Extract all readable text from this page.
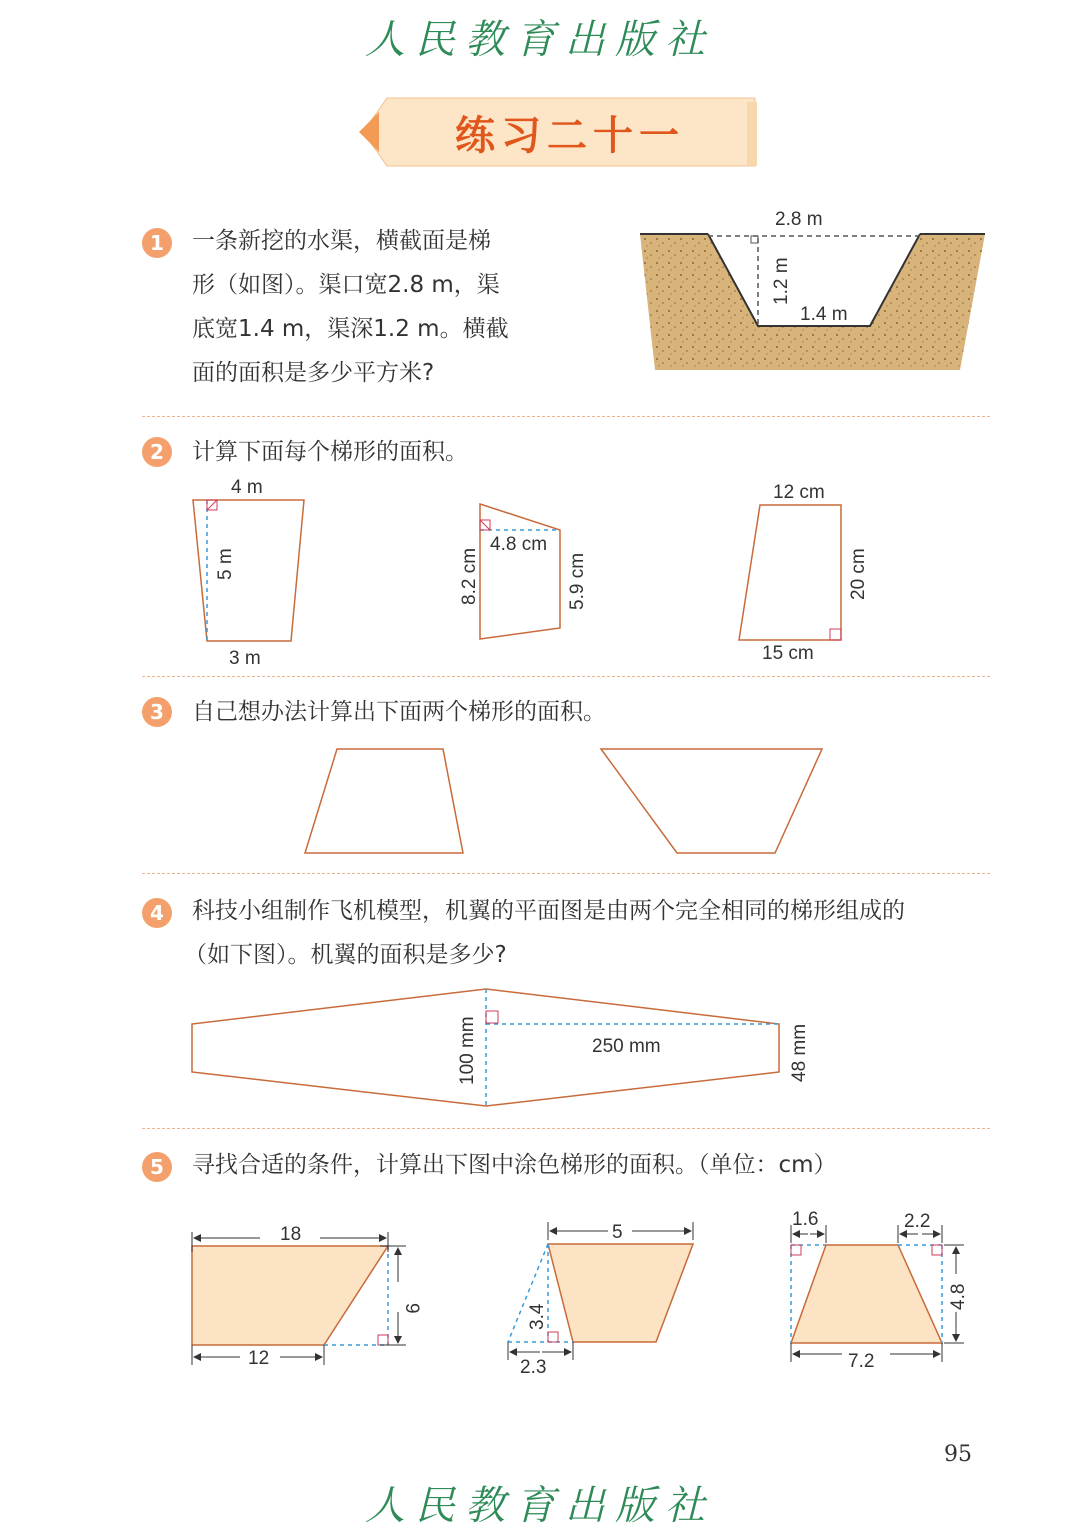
人民教育出版社
练习二十一
1	一条新挖的水渠，横截面是梯
形（如图）。渠口宽2.8 m，渠
底宽1.4 m，渠深1.2 m。横截
面的面积是多少平方米?
2.8 m
1.2 m
1.4 m
2	计算下面每个梯形的面积。
4 m
5 m
3 m
4.8 cm
8.2 cm	5.9 cm
12 cm
20 cm
15 cm
3	自己想办法计算出下面两个梯形的面积。
4	科技小组制作飞机模型，机翼的平面图是由两个完全相同的梯形组成的
（如下图）。机翼的面积是多少?
100 mm	250 mm	48 mm
5	寻找合适的条件，计算出下图中涂色梯形的面积。（单位：cm）
18
9
12
5
3.4
2.3
1.6	2.2
4.8
7.2
95
人民教育出版社
